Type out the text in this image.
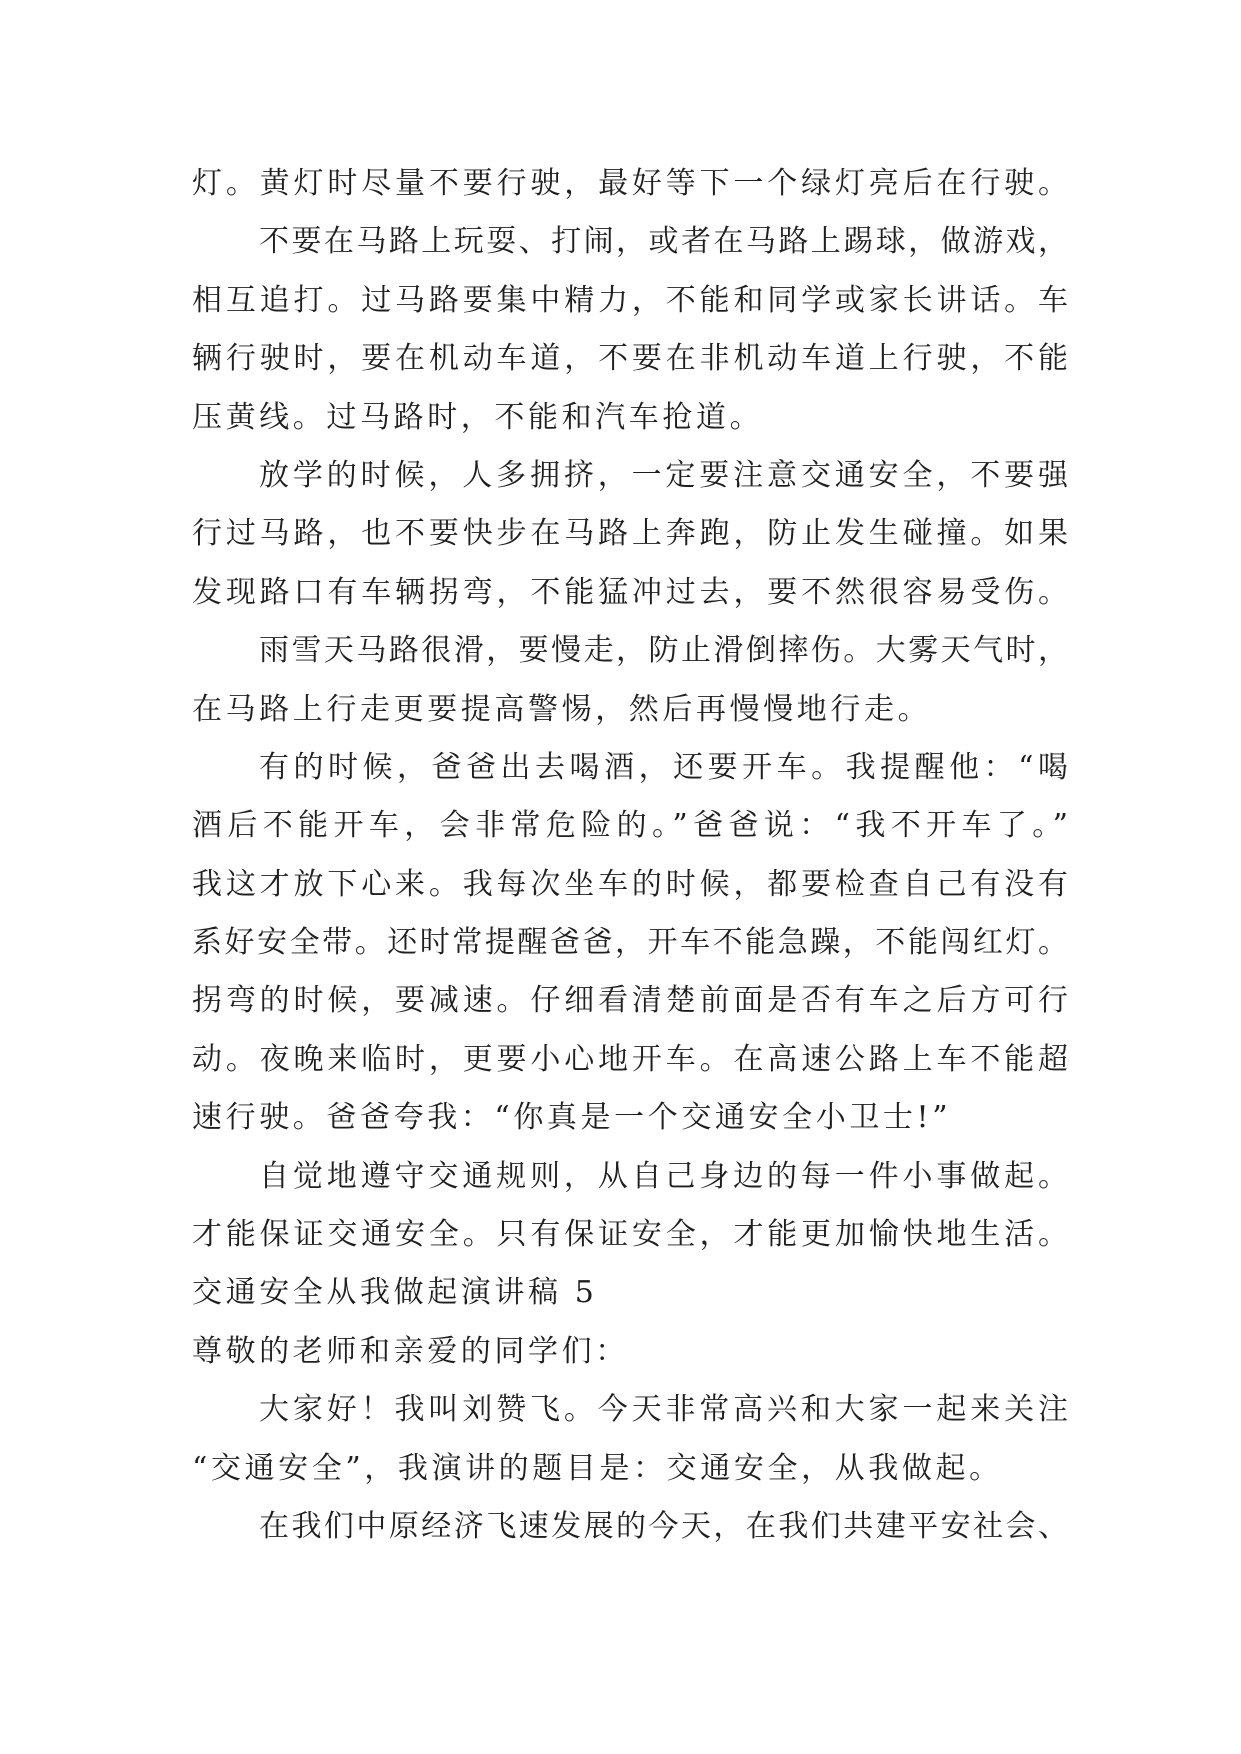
灯。黄灯时尽量不要行驶，最好等下一个绿灯亮后在行驶。
不要在马路上玩耍、打闹，或者在马路上踢球，做游戏，
相互追打。过马路要集中精力，不能和同学或家长讲话。车
辆行驶时，要在机动车道，不要在非机动车道上行驶，不能
压黄线。过马路时，不能和汽车抢道。
放学的时候，人多拥挤，一定要注意交通安全，不要强
行过马路，也不要快步在马路上奔跑，防止发生碰撞。如果
发现路口有车辆拐弯，不能猛冲过去，要不然很容易受伤。
雨雪天马路很滑，要慢走，防止滑倒摔伤。大雾天气时，
在马路上行走更要提高警惕，然后再慢慢地行走。
有的时候，爸爸出去喝酒，还要开车。我提醒他：“喝
酒后不能开车，会非常危险的。”爸爸说：“我不开车了。”
我这才放下心来。我每次坐车的时候，都要检查自己有没有
系好安全带。还时常提醒爸爸，开车不能急躁，不能闯红灯。
拐弯的时候，要减速。仔细看清楚前面是否有车之后方可行
动。夜晚来临时，更要小心地开车。在高速公路上车不能超
速行驶。爸爸夸我：“你真是一个交通安全小卫士!”
自觉地遵守交通规则，从自己身边的每一件小事做起。
才能保证交通安全。只有保证安全，才能更加愉快地生活。
交通安全从我做起演讲稿 5
尊敬的老师和亲爱的同学们：
大家好！我叫刘赞飞。今天非常高兴和大家一起来关注
“交通安全”，我演讲的题目是：交通安全，从我做起。
在我们中原经济飞速发展的今天，在我们共建平安社会、
